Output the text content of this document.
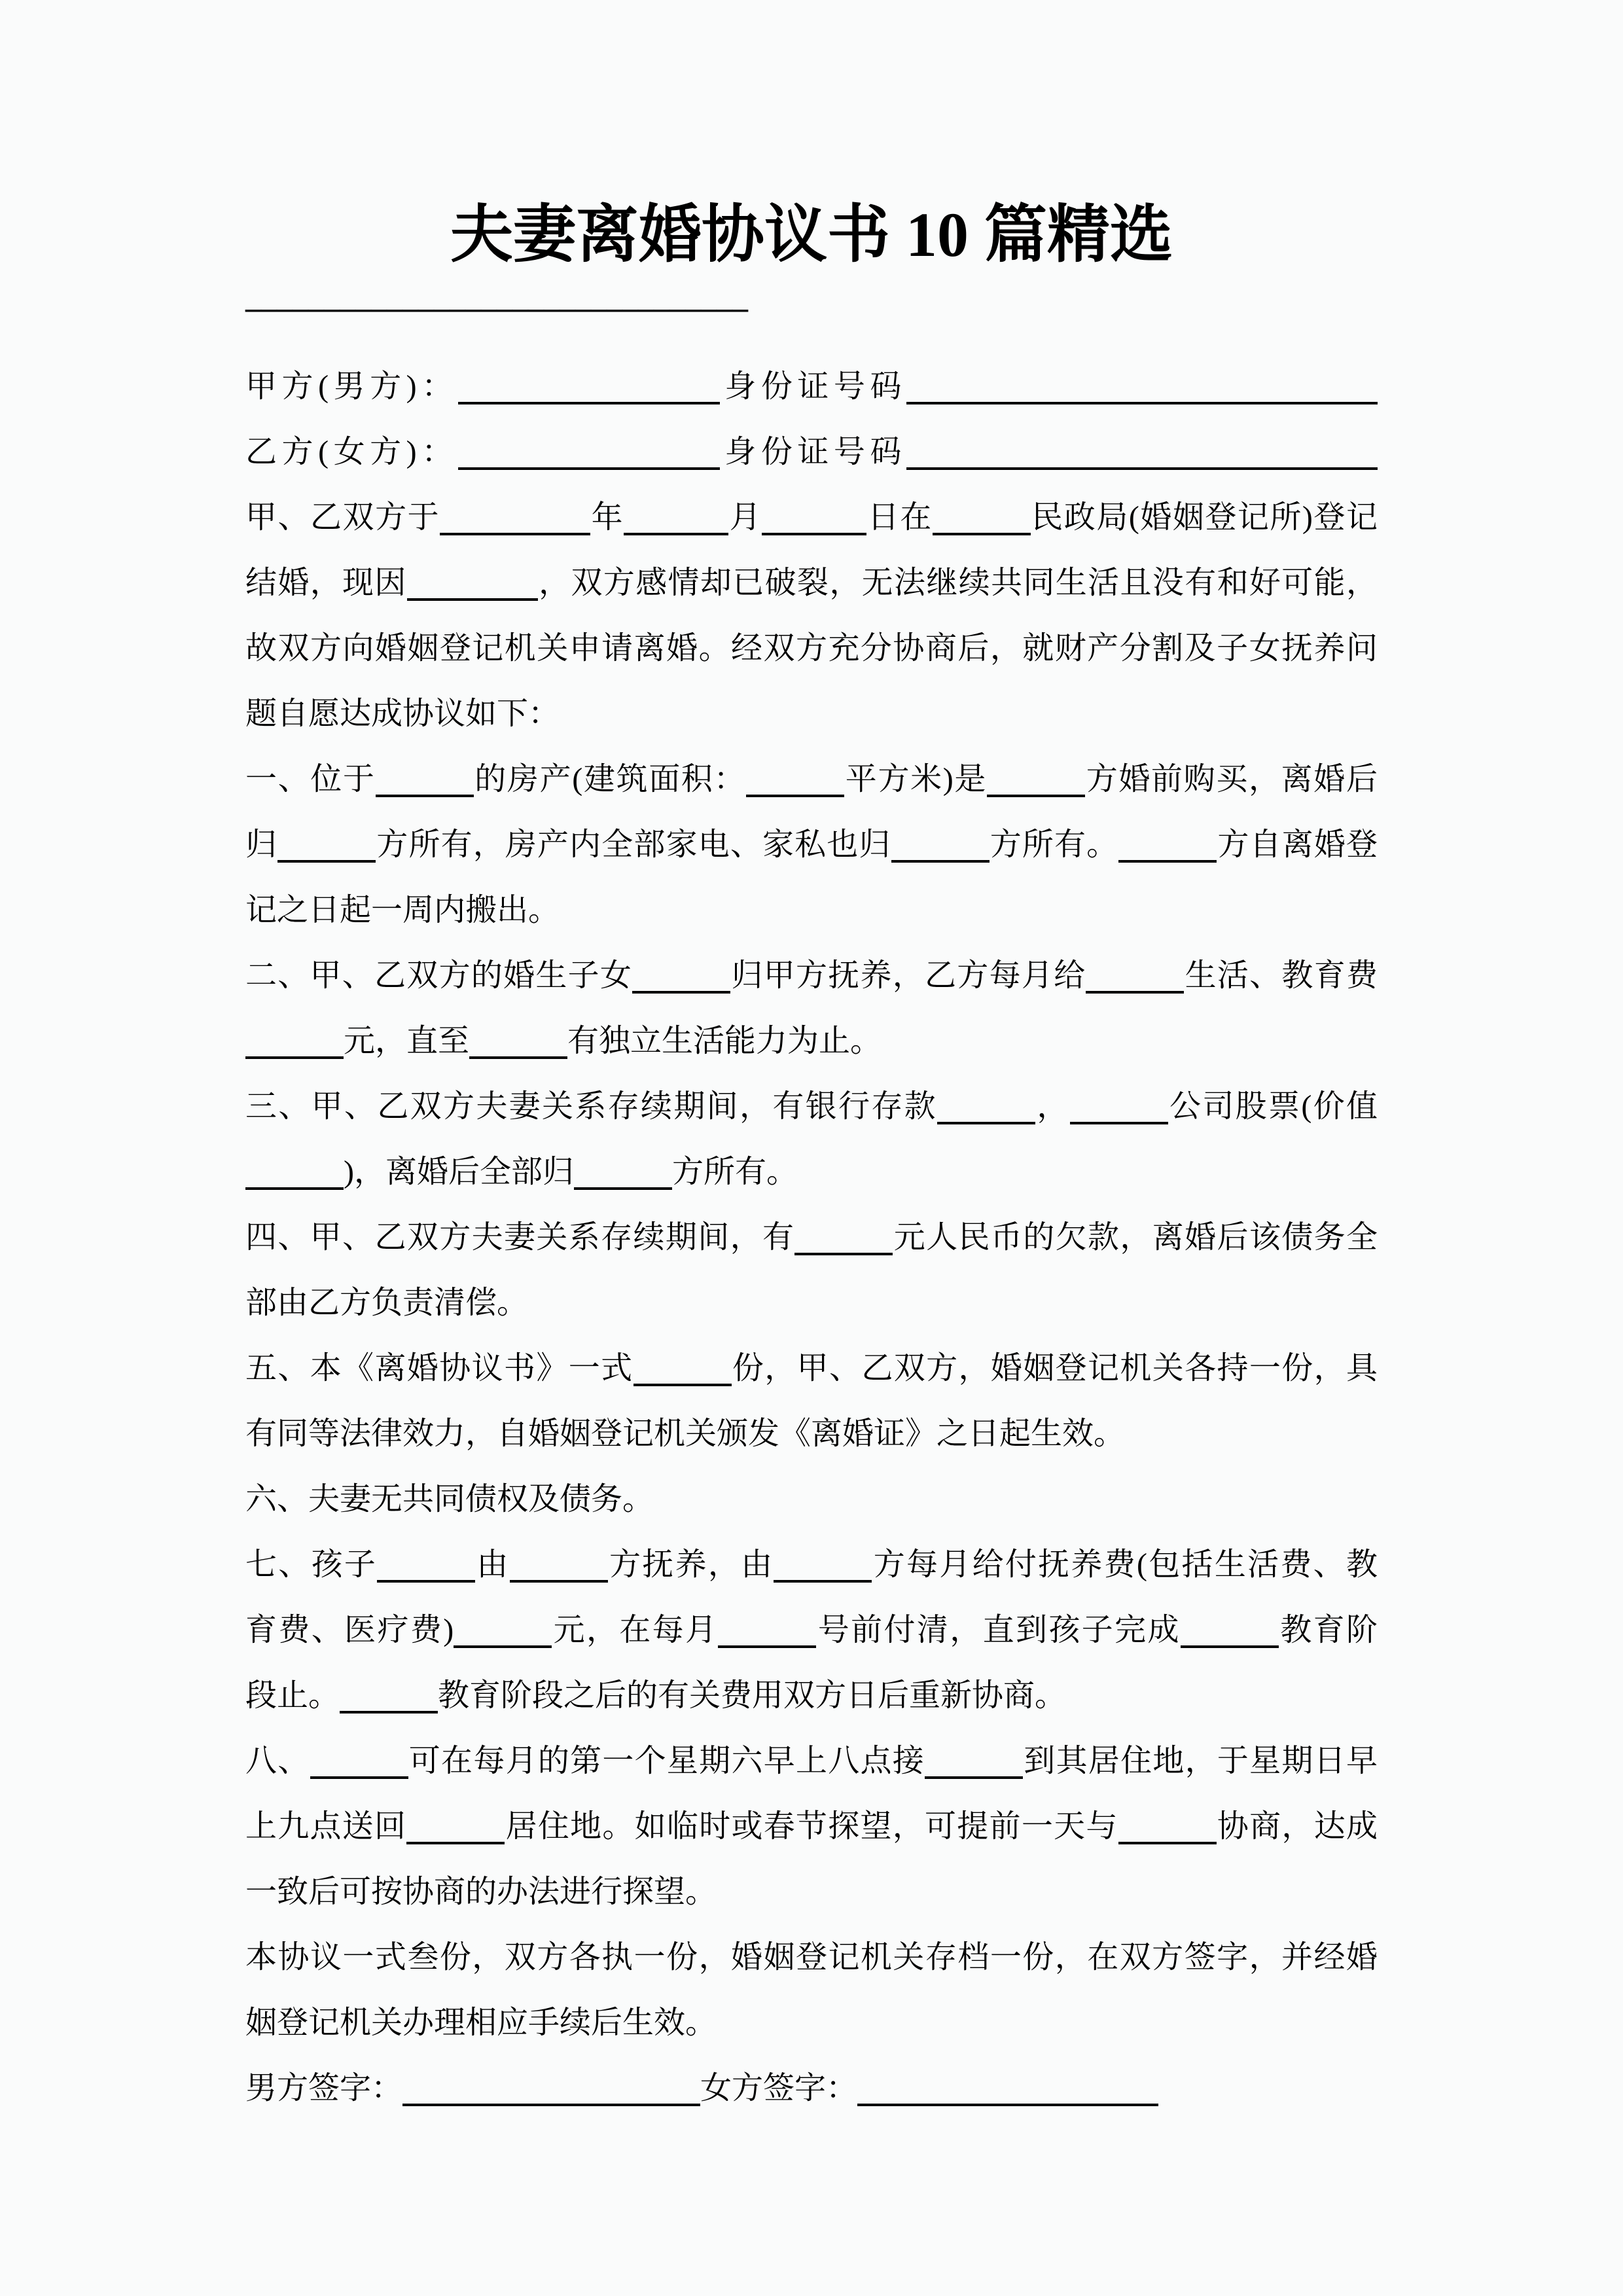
夫妻离婚协议书 10 篇精选
________________________________
甲方(男方)：	身份证号码
乙方(女方)：	身份证号码
甲、乙双方于	年	月	日在	民政局(婚姻登记所)登记
结婚，现因	，双方感情却已破裂，无法继续共同生活且没有和好可能，
故双方向婚姻登记机关申请离婚。经双方充分协商后，就财产分割及子女抚养问
题自愿达成协议如下：
一、位于	的房产(建筑面积：	平方米)是	方婚前购买，离婚后
归	方所有，房产内全部家电、家私也归	方所有。	方自离婚登
记之日起一周内搬出。
二、甲、乙双方的婚生子女	归甲方抚养，乙方每月给	生活、教育费
元，直至	有独立生活能力为止。
三、甲、乙双方夫妻关系存续期间，有银行存款	，	公司股票(价值
)，离婚后全部归	方所有。
四、甲、乙双方夫妻关系存续期间，有	元人民币的欠款，离婚后该债务全
部由乙方负责清偿。
五、本《离婚协议书》一式	份，甲、乙双方，婚姻登记机关各持一份，具
有同等法律效力，自婚姻登记机关颁发《离婚证》之日起生效。
六、夫妻无共同债权及债务。
七、孩子	由	方抚养，由	方每月给付抚养费(包括生活费、教
育费、医疗费)	元，在每月	号前付清，直到孩子完成	教育阶
段止。	教育阶段之后的有关费用双方日后重新协商。
八、	可在每月的第一个星期六早上八点接	到其居住地，于星期日早
上九点送回	居住地。如临时或春节探望，可提前一天与	协商，达成
一致后可按协商的办法进行探望。
本协议一式叁份，双方各执一份，婚姻登记机关存档一份，在双方签字，并经婚
姻登记机关办理相应手续后生效。
男方签字：	女方签字：
